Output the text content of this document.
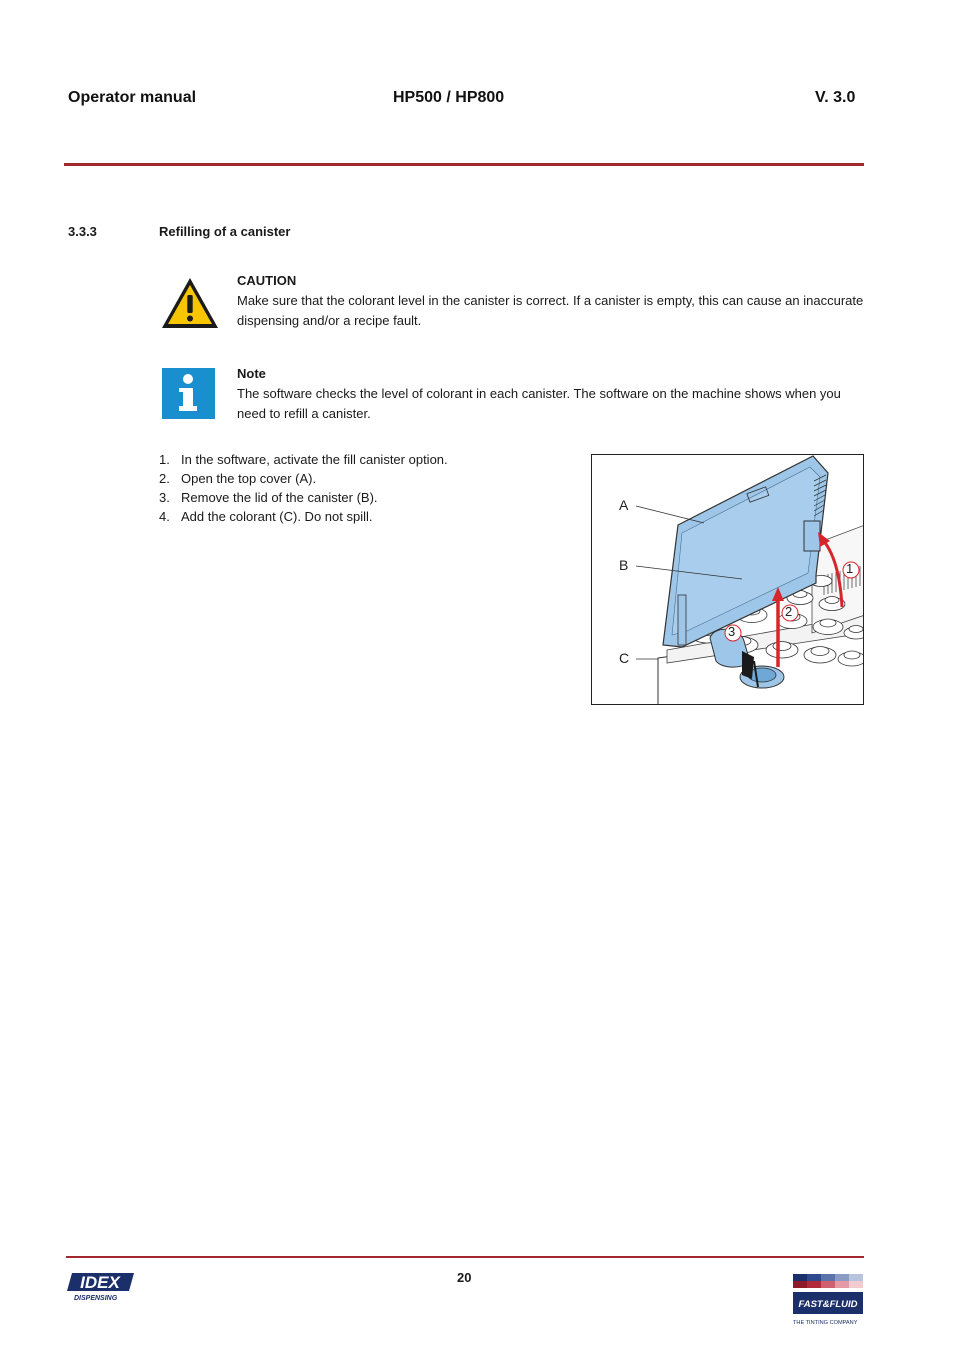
Operator manual	HP500 / HP800	V. 3.0
3.3.3	Refilling of a canister
CAUTION
Make sure that the colorant level in the canister is correct. If a canister is empty, this can cause an inaccurate dispensing and/or a recipe fault.
Note
The software checks the level of colorant in each canister. The software on the machine shows when you need to refill a canister.
1. In the software, activate the fill canister option.
2. Open the top cover (A).
3. Remove the lid of the canister (B).
4. Add the colorant (C). Do not spill.
A
B
C
1
2
3
20
IDEX
DISPENSING
FAST&FLUID
THE TINTING COMPANY
